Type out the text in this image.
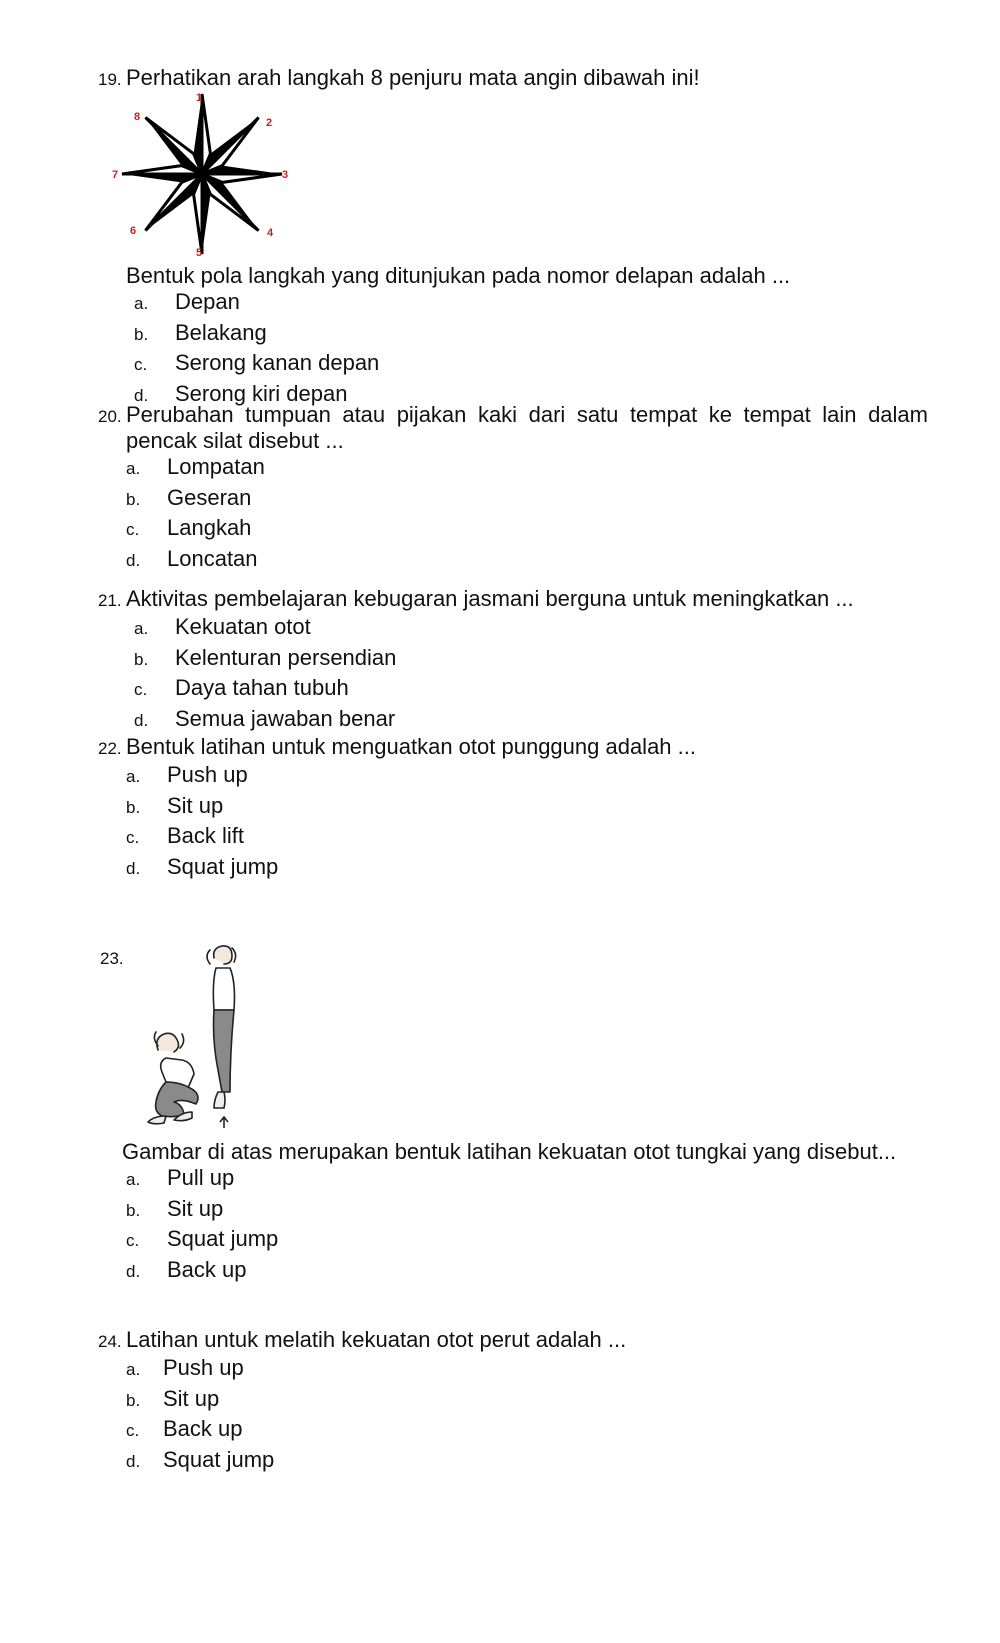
19. Perhatikan arah langkah 8 penjuru mata angin dibawah ini!
1
2
3
4
5
6
7
8
Bentuk pola langkah yang ditunjukan pada nomor delapan adalah ...
a.	Depan
b.	Belakang
c.	Serong kanan depan
d.	Serong kiri depan
20. Perubahan tumpuan atau pijakan kaki dari satu tempat ke tempat lain dalam pencak silat disebut ...
a.	Lompatan
b.	Geseran
c.	Langkah
d.	Loncatan
21. Aktivitas pembelajaran kebugaran jasmani berguna untuk meningkatkan ...
a.	Kekuatan otot
b.	Kelenturan persendian
c.	Daya tahan tubuh
d.	Semua jawaban benar
22. Bentuk latihan untuk menguatkan otot punggung adalah ...
a.	Push up
b.	Sit up
c.	Back lift
d.	Squat jump
23.
Gambar di atas merupakan bentuk latihan kekuatan otot tungkai yang disebut...
a.	Pull up
b.	Sit up
c.	Squat jump
d.	Back up
24. Latihan untuk melatih kekuatan otot perut adalah ...
a.	Push up
b.	Sit up
c.	Back up
d.	Squat jump
